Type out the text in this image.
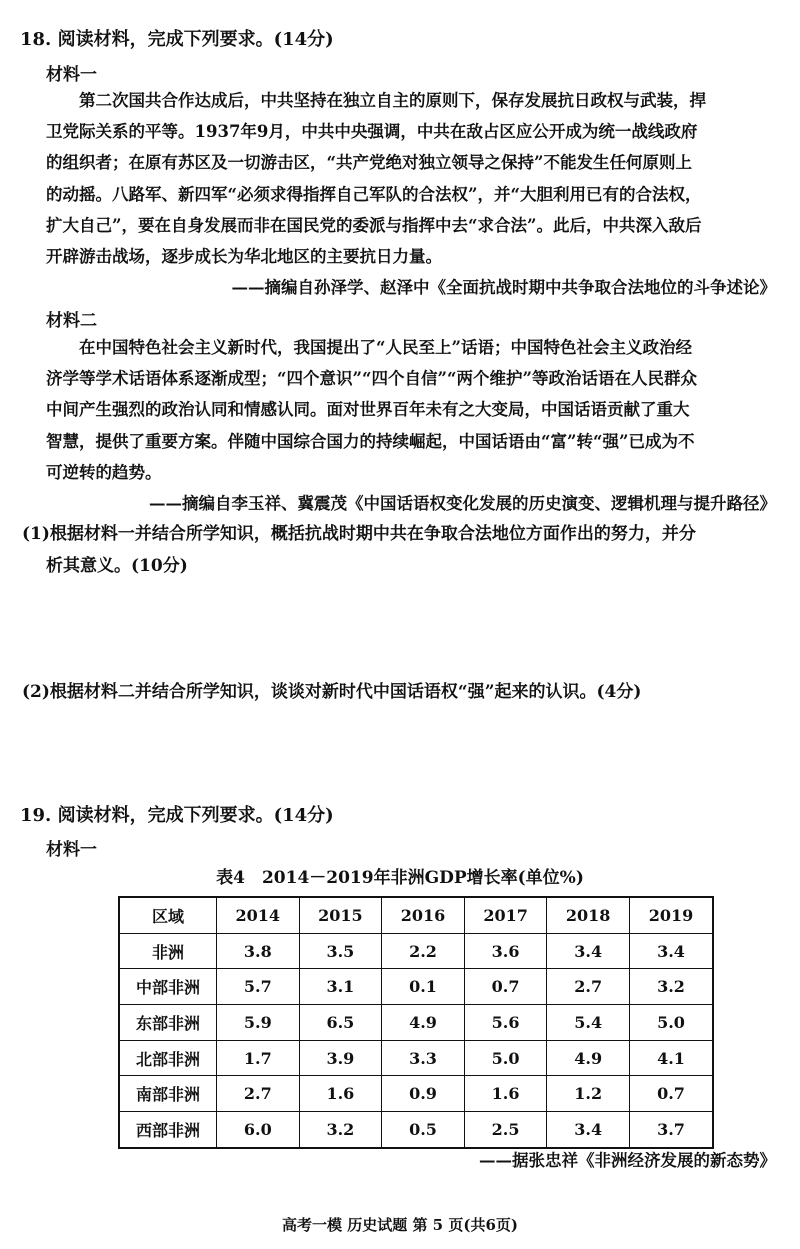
18. 阅读材料，完成下列要求。(14分)
材料一
　　第二次国共合作达成后，中共坚持在独立自主的原则下，保存发展抗日政权与武装，捍
卫党际关系的平等。1937年9月，中共中央强调，中共在敌占区应公开成为统一战线政府
的组织者；在原有苏区及一切游击区，“共产党绝对独立领导之保持”不能发生任何原则上
的动摇。八路军、新四军“必须求得指挥自己军队的合法权”，并“大胆利用已有的合法权，
扩大自己”，要在自身发展而非在国民党的委派与指挥中去“求合法”。此后，中共深入敌后
开辟游击战场，逐步成长为华北地区的主要抗日力量。
——摘编自孙泽学、赵泽中《全面抗战时期中共争取合法地位的斗争述论》
材料二
　　在中国特色社会主义新时代，我国提出了“人民至上”话语；中国特色社会主义政治经
济学等学术话语体系逐渐成型；“四个意识”“四个自信”“两个维护”等政治话语在人民群众
中间产生强烈的政治认同和情感认同。面对世界百年未有之大变局，中国话语贡献了重大
智慧，提供了重要方案。伴随中国综合国力的持续崛起，中国话语由“富”转“强”已成为不
可逆转的趋势。
——摘编自李玉祥、冀震茂《中国话语权变化发展的历史演变、逻辑机理与提升路径》
(1)根据材料一并结合所学知识，概括抗战时期中共在争取合法地位方面作出的努力，并分
析其意义。(10分)
(2)根据材料二并结合所学知识，谈谈对新时代中国话语权“强”起来的认识。(4分)
19. 阅读材料，完成下列要求。(14分)
材料一
表4　2014－2019年非洲GDP增长率(单位%)
区域	2014	2015	2016	2017	2018	2019
非洲	3.8	3.5	2.2	3.6	3.4	3.4
中部非洲	5.7	3.1	0.1	0.7	2.7	3.2
东部非洲	5.9	6.5	4.9	5.6	5.4	5.0
北部非洲	1.7	3.9	3.3	5.0	4.9	4.1
南部非洲	2.7	1.6	0.9	1.6	1.2	0.7
西部非洲	6.0	3.2	0.5	2.5	3.4	3.7
——据张忠祥《非洲经济发展的新态势》
高考一模 历史试题 第 5 页(共6页)
